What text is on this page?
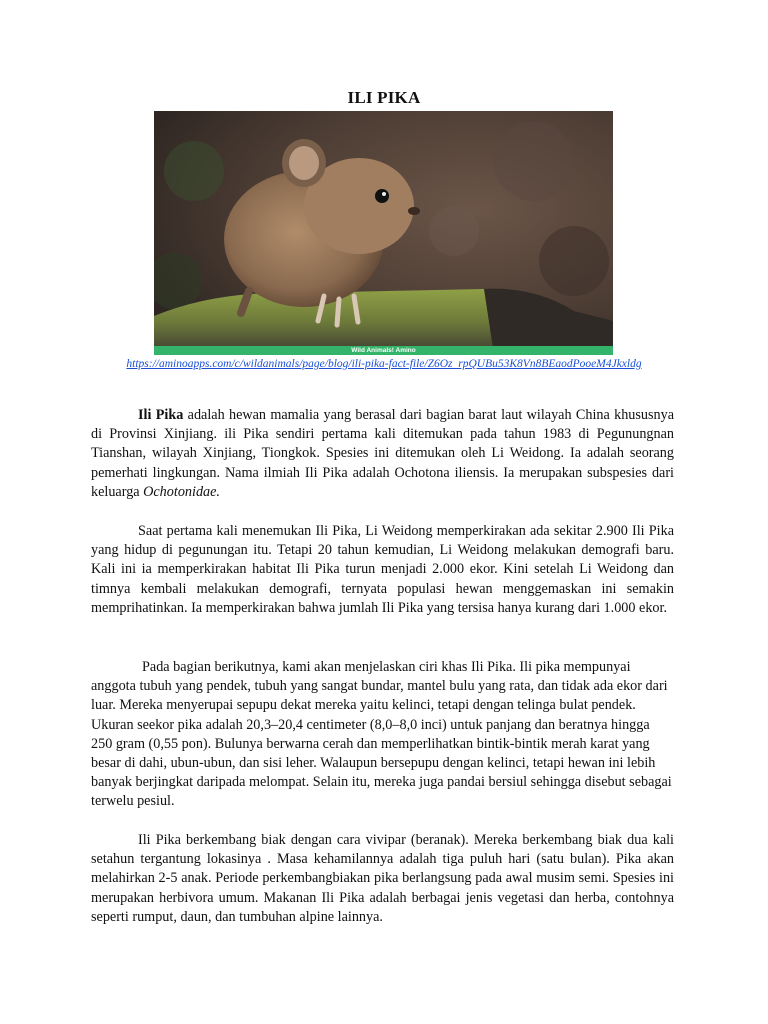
ILI PIKA
Wild Animals! Amino
https://aminoapps.com/c/wildanimals/page/blog/ili-pika-fact-file/Z6Oz_rpQUBu53K8Vn8BEaodPooeM4Jkxldg

Ili Pika adalah hewan mamalia yang berasal dari bagian barat laut wilayah China khususnya di Provinsi Xinjiang. ili Pika sendiri pertama kali ditemukan pada tahun 1983 di Pegunungnan Tianshan, wilayah Xinjiang, Tiongkok. Spesies ini ditemukan oleh Li Weidong. Ia adalah seorang pemerhati lingkungan. Nama ilmiah Ili Pika adalah Ochotona iliensis. Ia merupakan subspesies dari keluarga Ochotonidae.

Saat pertama kali menemukan Ili Pika, Li Weidong memperkirakan ada sekitar 2.900 Ili Pika yang hidup di pegunungan itu. Tetapi 20 tahun kemudian, Li Weidong melakukan demografi baru. Kali ini ia memperkirakan habitat Ili Pika turun menjadi 2.000 ekor. Kini setelah Li Weidong dan timnya kembali melakukan demografi, ternyata populasi hewan menggemaskan ini semakin memprihatinkan. Ia memperkirakan bahwa jumlah Ili Pika yang tersisa hanya kurang dari 1.000 ekor.

Pada bagian berikutnya, kami akan menjelaskan ciri khas Ili Pika. Ili pika mempunyai anggota tubuh yang pendek, tubuh yang sangat bundar, mantel bulu yang rata, dan tidak ada ekor dari luar. Mereka menyerupai sepupu dekat mereka yaitu kelinci, tetapi dengan telinga bulat pendek. Ukuran seekor pika adalah 20,3–20,4 centimeter (8,0–8,0 inci) untuk panjang dan beratnya hingga 250 gram (0,55 pon). Bulunya berwarna cerah dan memperlihatkan bintik-bintik merah karat yang besar di dahi, ubun-ubun, dan sisi leher. Walaupun bersepupu dengan kelinci, tetapi hewan ini lebih banyak berjingkat daripada melompat. Selain itu, mereka juga pandai bersiul sehingga disebut sebagai terwelu pesiul.

Ili Pika berkembang biak dengan cara vivipar (beranak). Mereka berkembang biak dua kali setahun tergantung lokasinya . Masa kehamilannya adalah tiga puluh hari (satu bulan). Pika akan melahirkan 2-5 anak. Periode perkembangbiakan pika berlangsung pada awal musim semi. Spesies ini merupakan herbivora umum. Makanan Ili Pika adalah berbagai jenis vegetasi dan herba, contohnya seperti rumput, daun, dan tumbuhan alpine lainnya.
